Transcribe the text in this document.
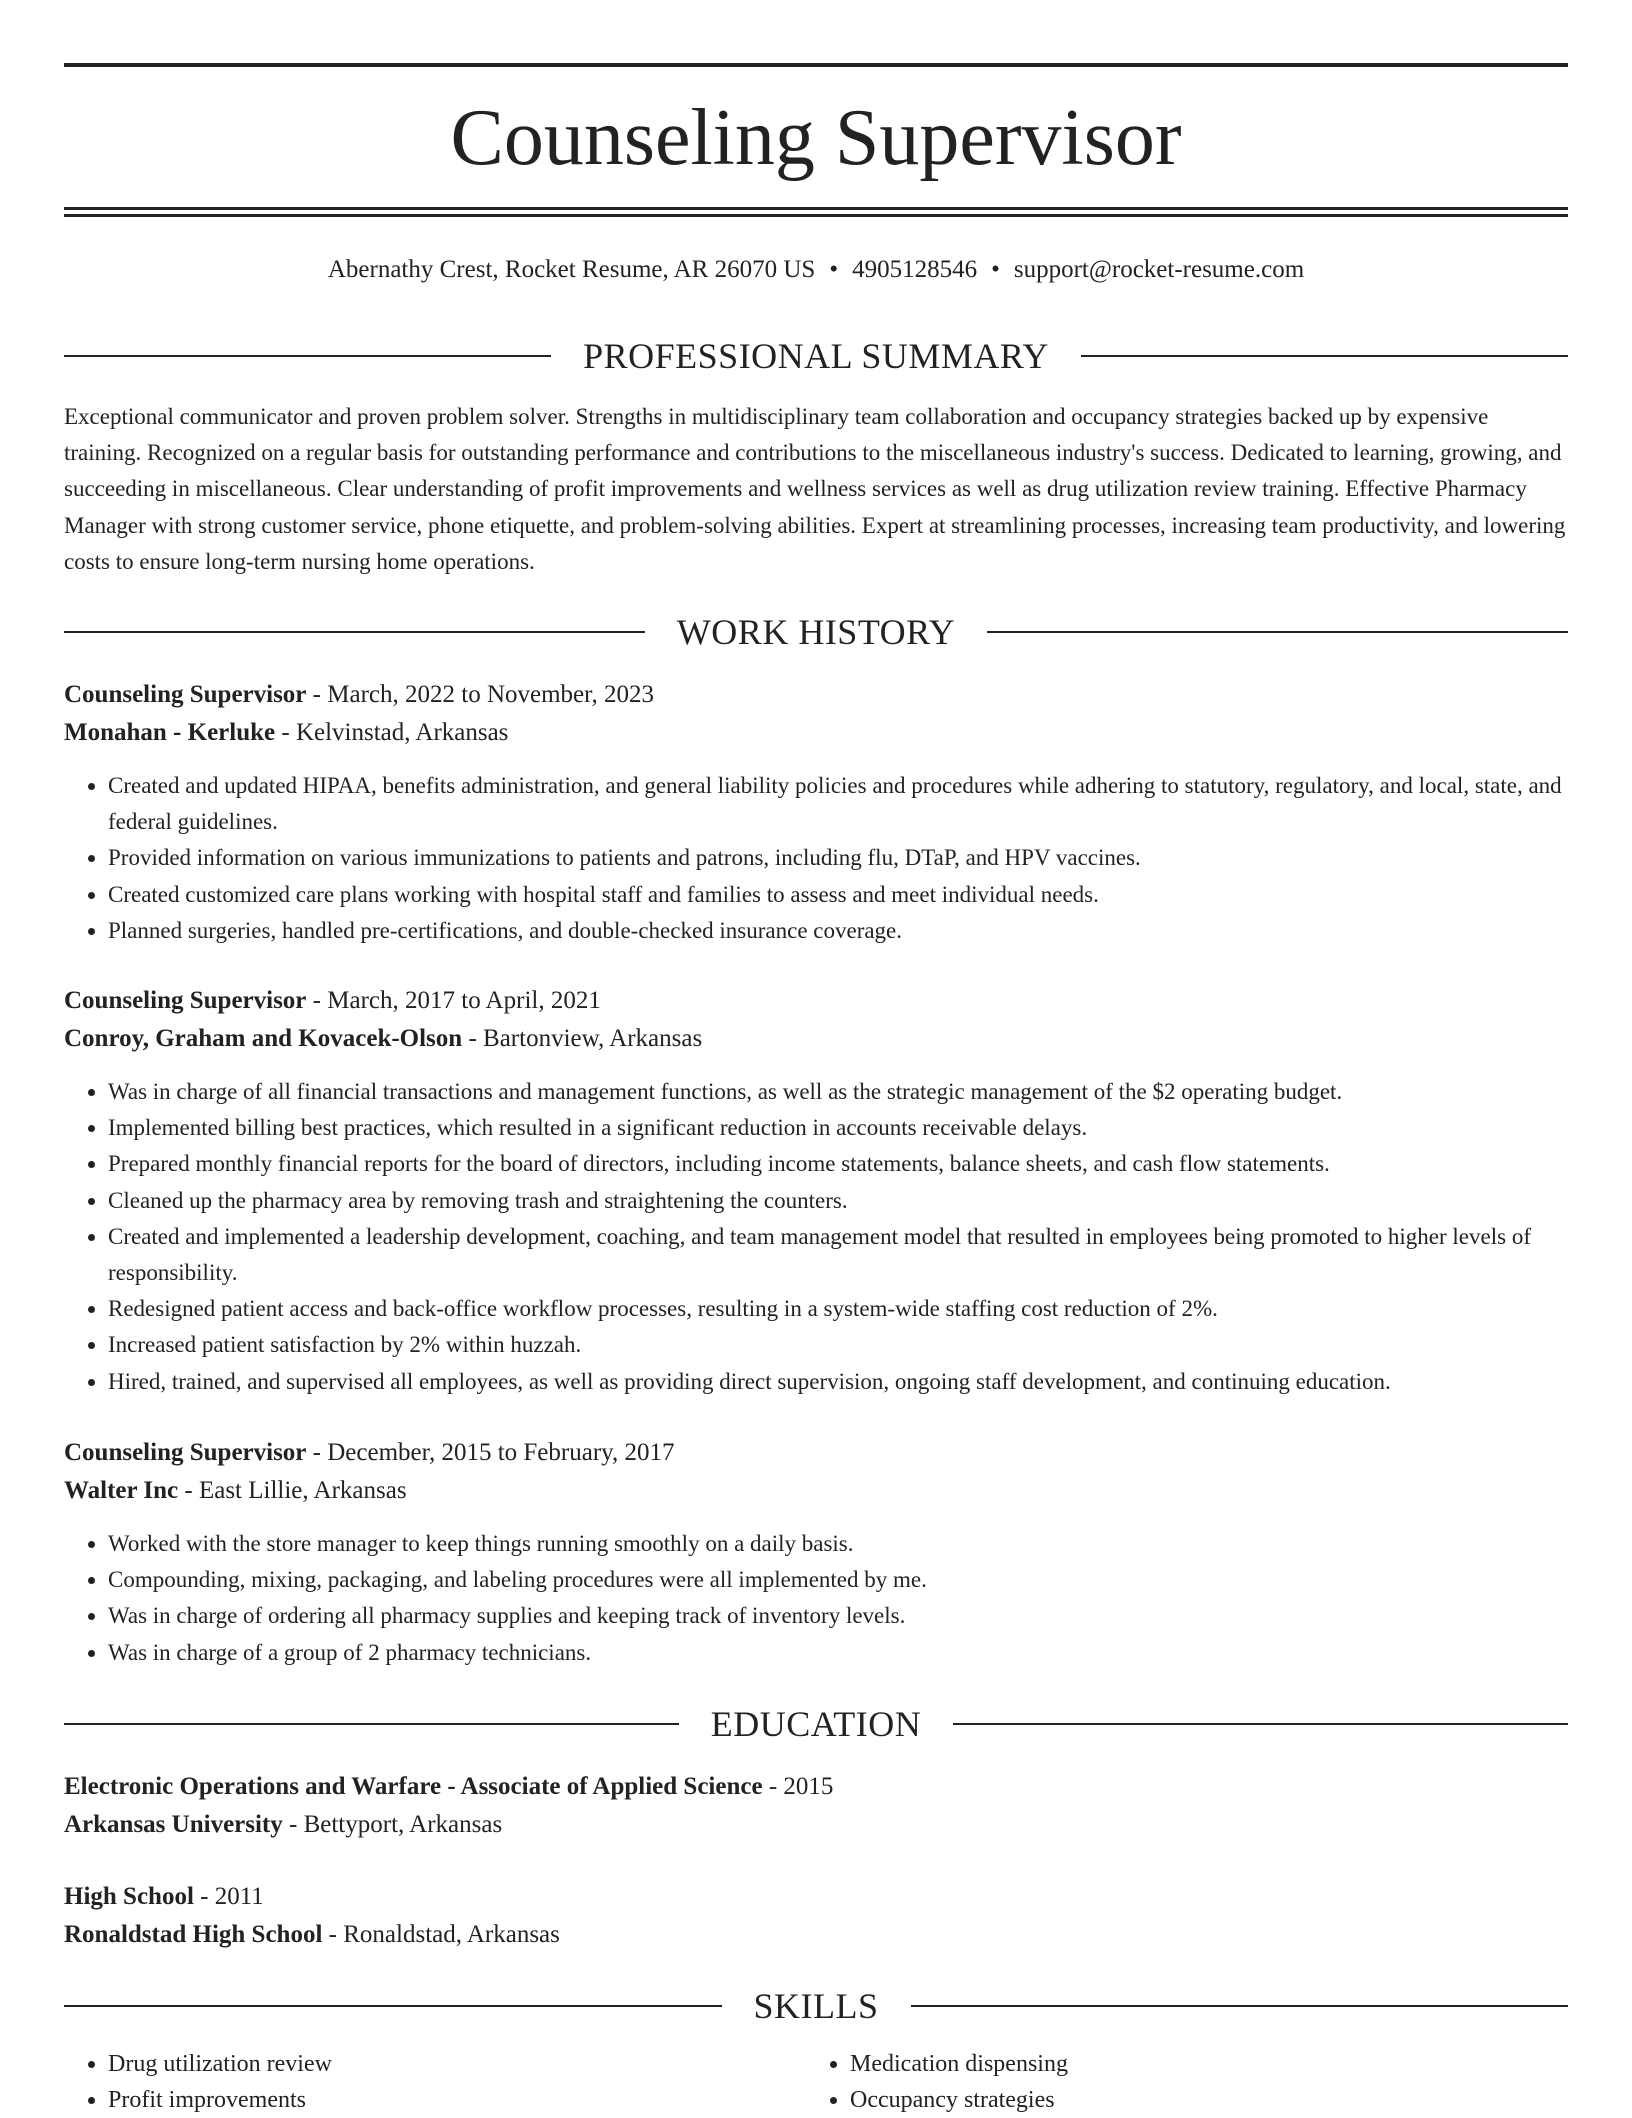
Counseling Supervisor
Abernathy Crest, Rocket Resume, AR 26070 US • 4905128546 • support@rocket-resume.com
PROFESSIONAL SUMMARY

Exceptional communicator and proven problem solver. Strengths in multidisciplinary team collaboration and occupancy strategies backed up by expensive training. Recognized on a regular basis for outstanding performance and contributions to the miscellaneous industry's success. Dedicated to learning, growing, and succeeding in miscellaneous. Clear understanding of profit improvements and wellness services as well as drug utilization review training. Effective Pharmacy Manager with strong customer service, phone etiquette, and problem-solving abilities. Expert at streamlining processes, increasing team productivity, and lowering costs to ensure long-term nursing home operations.

WORK HISTORY
Counseling Supervisor - March, 2022 to November, 2023
Monahan - Kerluke - Kelvinstad, Arkansas
• Created and updated HIPAA, benefits administration, and general liability policies and procedures while adhering to statutory, regulatory, and local, state, and federal guidelines.
• Provided information on various immunizations to patients and patrons, including flu, DTaP, and HPV vaccines.
• Created customized care plans working with hospital staff and families to assess and meet individual needs.
• Planned surgeries, handled pre-certifications, and double-checked insurance coverage.
Counseling Supervisor - March, 2017 to April, 2021
Conroy, Graham and Kovacek-Olson - Bartonview, Arkansas
• Was in charge of all financial transactions and management functions, as well as the strategic management of the $2 operating budget.
• Implemented billing best practices, which resulted in a significant reduction in accounts receivable delays.
• Prepared monthly financial reports for the board of directors, including income statements, balance sheets, and cash flow statements.
• Cleaned up the pharmacy area by removing trash and straightening the counters.
• Created and implemented a leadership development, coaching, and team management model that resulted in employees being promoted to higher levels of responsibility.
• Redesigned patient access and back-office workflow processes, resulting in a system-wide staffing cost reduction of 2%.
• Increased patient satisfaction by 2% within huzzah.
• Hired, trained, and supervised all employees, as well as providing direct supervision, ongoing staff development, and continuing education.
Counseling Supervisor - December, 2015 to February, 2017
Walter Inc - East Lillie, Arkansas
• Worked with the store manager to keep things running smoothly on a daily basis.
• Compounding, mixing, packaging, and labeling procedures were all implemented by me.
• Was in charge of ordering all pharmacy supplies and keeping track of inventory levels.
• Was in charge of a group of 2 pharmacy technicians.
EDUCATION
Electronic Operations and Warfare - Associate of Applied Science - 2015
Arkansas University - Bettyport, Arkansas
High School - 2011
Ronaldstad High School - Ronaldstad, Arkansas
SKILLS
• Drug utilization review
• Profit improvements
• Medication dispensing
• Occupancy strategies
